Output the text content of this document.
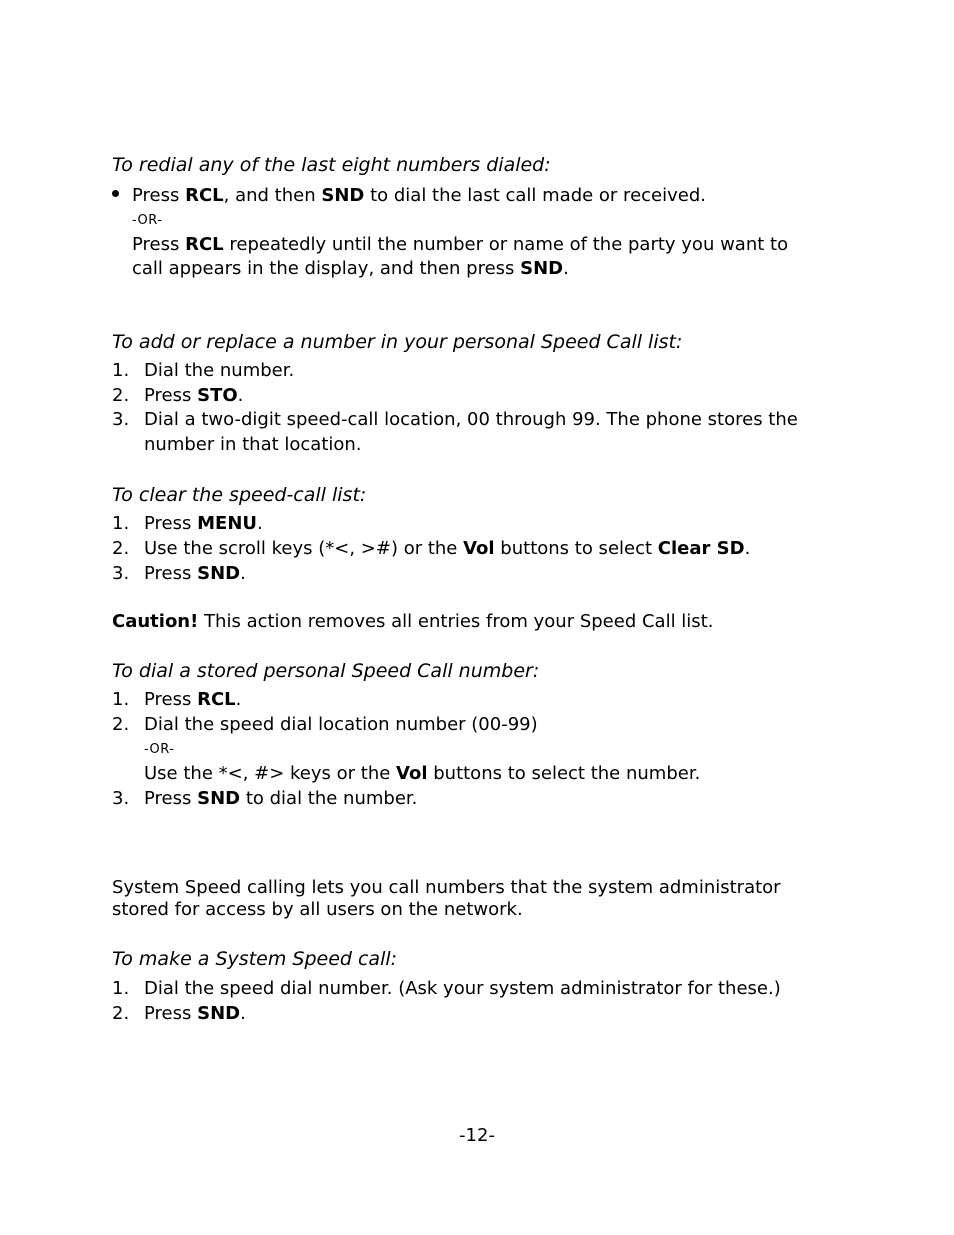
To redial any of the last eight numbers dialed:

Press RCL, and then SND to dial the last call made or received.

-OR-

Press RCL repeatedly until the number or name of the party you want to

call appears in the display, and then press SND.

To add or replace a number in your personal Speed Call list:

1. Dial the number.

2. Press STO.

3. Dial a two-digit speed-call location, 00 through 99. The phone stores the

number in that location.

To clear the speed-call list:

1. Press MENU.

2. Use the scroll keys (*<, >#) or the Vol buttons to select Clear SD.

3. Press SND.

Caution! This action removes all entries from your Speed Call list.

To dial a stored personal Speed Call number:

1. Press RCL.

2. Dial the speed dial location number (00-99)

-OR-

Use the *<, #> keys or the Vol buttons to select the number.

3. Press SND to dial the number.

System Speed calling lets you call numbers that the system administrator

stored for access by all users on the network.

To make a System Speed call:

1. Dial the speed dial number. (Ask your system administrator for these.)

2. Press SND.

-12-
